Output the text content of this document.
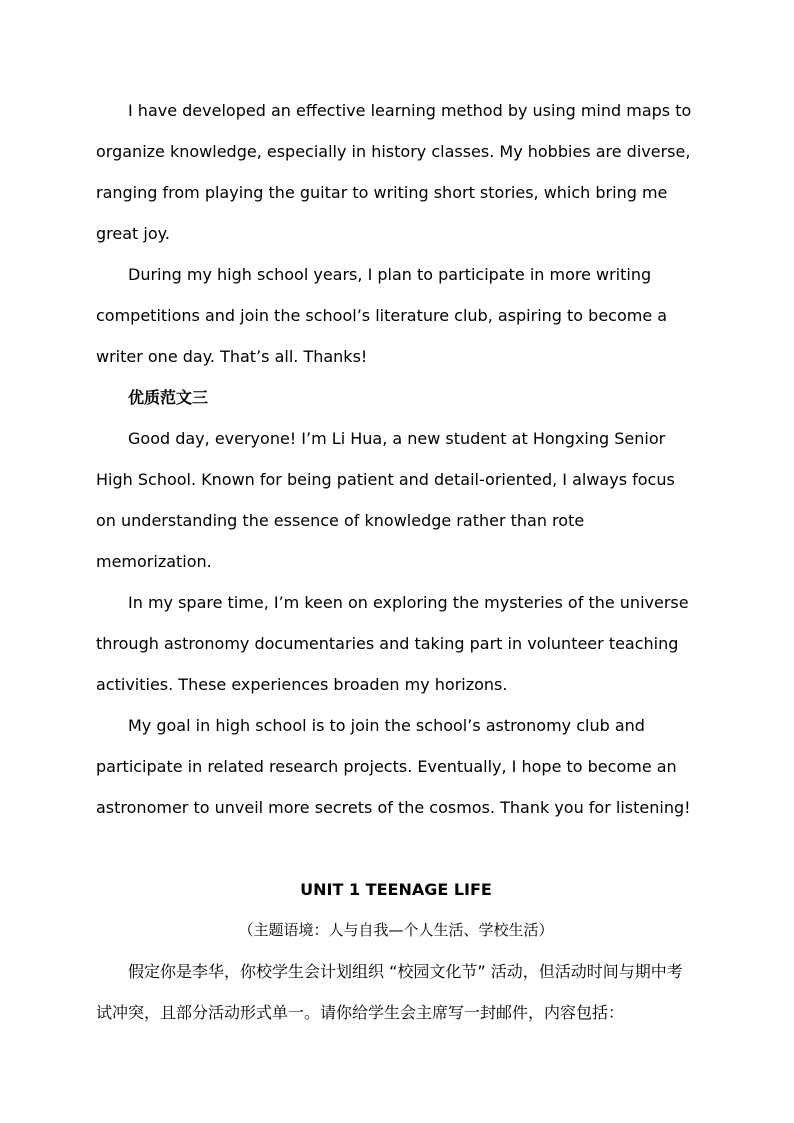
I have developed an effective learning method by using mind maps to organize knowledge, especially in history classes. My hobbies are diverse, ranging from playing the guitar to writing short stories, which bring me great joy.

During my high school years, I plan to participate in more writing competitions and join the school’s literature club, aspiring to become a writer one day. That’s all. Thanks!

优质范文三

Good day, everyone! I’m Li Hua, a new student at Hongxing Senior High School. Known for being patient and detail-oriented, I always focus on understanding the essence of knowledge rather than rote memorization.

In my spare time, I’m keen on exploring the mysteries of the universe through astronomy documentaries and taking part in volunteer teaching activities. These experiences broaden my horizons.

My goal in high school is to join the school’s astronomy club and participate in related research projects. Eventually, I hope to become an astronomer to unveil more secrets of the cosmos. Thank you for listening!

UNIT 1 TEENAGE LIFE

（主题语境：人与自我—个人生活、学校生活）

假定你是李华，你校学生会计划组织 “校园文化节” 活动，但活动时间与期中考试冲突，且部分活动形式单一。请你给学生会主席写一封邮件，内容包括：
